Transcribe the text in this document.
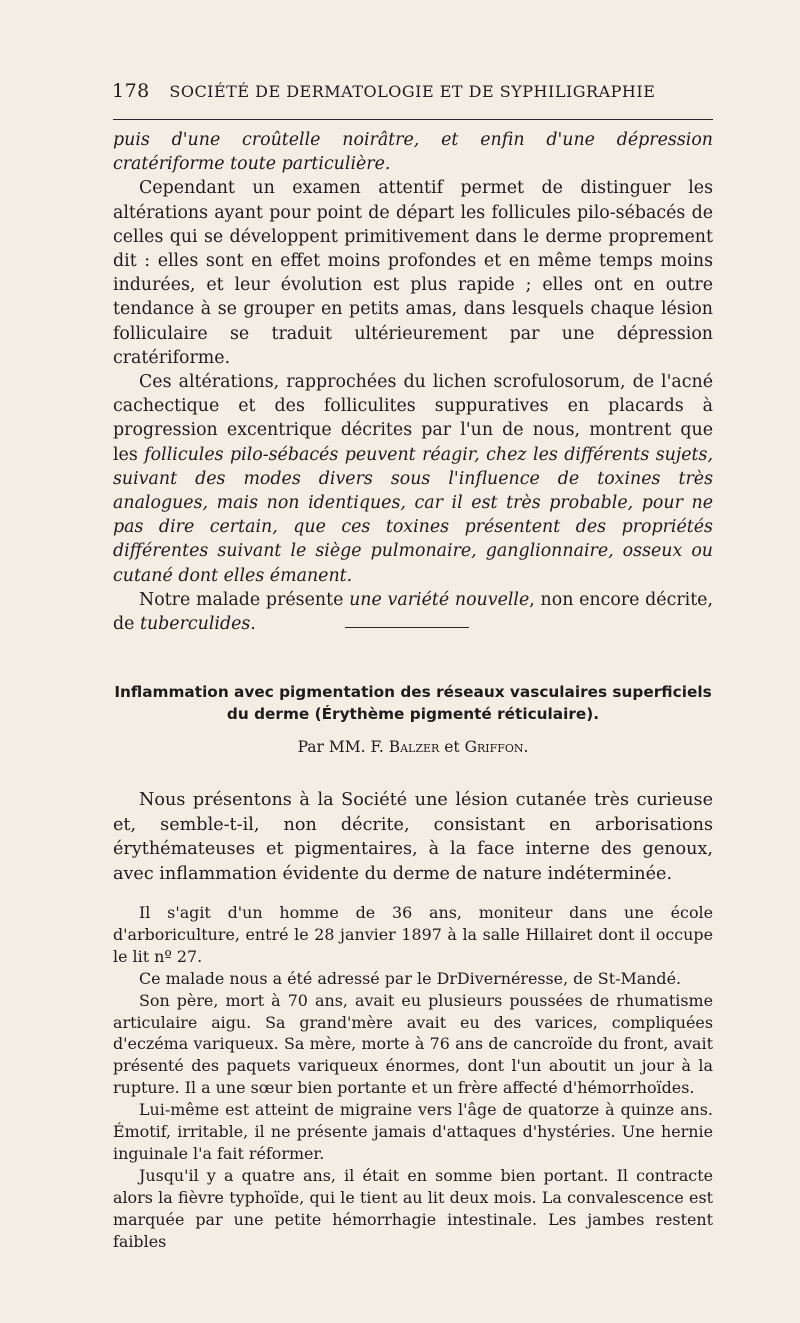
178 SOCIÉTÉ DE DERMATOLOGIE ET DE SYPHILIGRAPHIE

puis d'une croûtelle noirâtre, et enfin d'une dépression cratériforme toute particulière.

Cependant un examen attentif permet de distinguer les altérations ayant pour point de départ les follicules pilo-sébacés de celles qui se développent primitivement dans le derme proprement dit : elles sont en effet moins profondes et en même temps moins indurées, et leur évolution est plus rapide ; elles ont en outre tendance à se grouper en petits amas, dans lesquels chaque lésion folliculaire se traduit ultérieurement par une dépression cratériforme.

Ces altérations, rapprochées du lichen scrofulosorum, de l'acné cachectique et des folliculites suppuratives en placards à progression excentrique décrites par l'un de nous, montrent que les follicules pilo-sébacés peuvent réagir, chez les différents sujets, suivant des modes divers sous l'influence de toxines très analogues, mais non identiques, car il est très probable, pour ne pas dire certain, que ces toxines présentent des propriétés différentes suivant le siège pulmonaire, ganglionnaire, osseux ou cutané dont elles émanent.

Notre malade présente une variété nouvelle, non encore décrite, de tuberculides.

Inflammation avec pigmentation des réseaux vasculaires superficiels du derme (Érythème pigmenté réticulaire).
Par MM. F. Balzer et Griffon.

Nous présentons à la Société une lésion cutanée très curieuse et, semble-t-il, non décrite, consistant en arborisations érythémateuses et pigmentaires, à la face interne des genoux, avec inflammation évidente du derme de nature indéterminée.

Il s'agit d'un homme de 36 ans, moniteur dans une école d'arboriculture, entré le 28 janvier 1897 à la salle Hillairet dont il occupe le lit nº 27.

Ce malade nous a été adressé par le DrDivernéresse, de St-Mandé.

Son père, mort à 70 ans, avait eu plusieurs poussées de rhumatisme articulaire aigu. Sa grand'mère avait eu des varices, compliquées d'eczéma variqueux. Sa mère, morte à 76 ans de cancroïde du front, avait présenté des paquets variqueux énormes, dont l'un aboutit un jour à la rupture. Il a une sœur bien portante et un frère affecté d'hémorrhoïdes.

Lui-même est atteint de migraine vers l'âge de quatorze à quinze ans. Émotif, irritable, il ne présente jamais d'attaques d'hystéries. Une hernie inguinale l'a fait réformer.

Jusqu'il y a quatre ans, il était en somme bien portant. Il contracte alors la fièvre typhoïde, qui le tient au lit deux mois. La convalescence est marquée par une petite hémorrhagie intestinale. Les jambes restent faibles
